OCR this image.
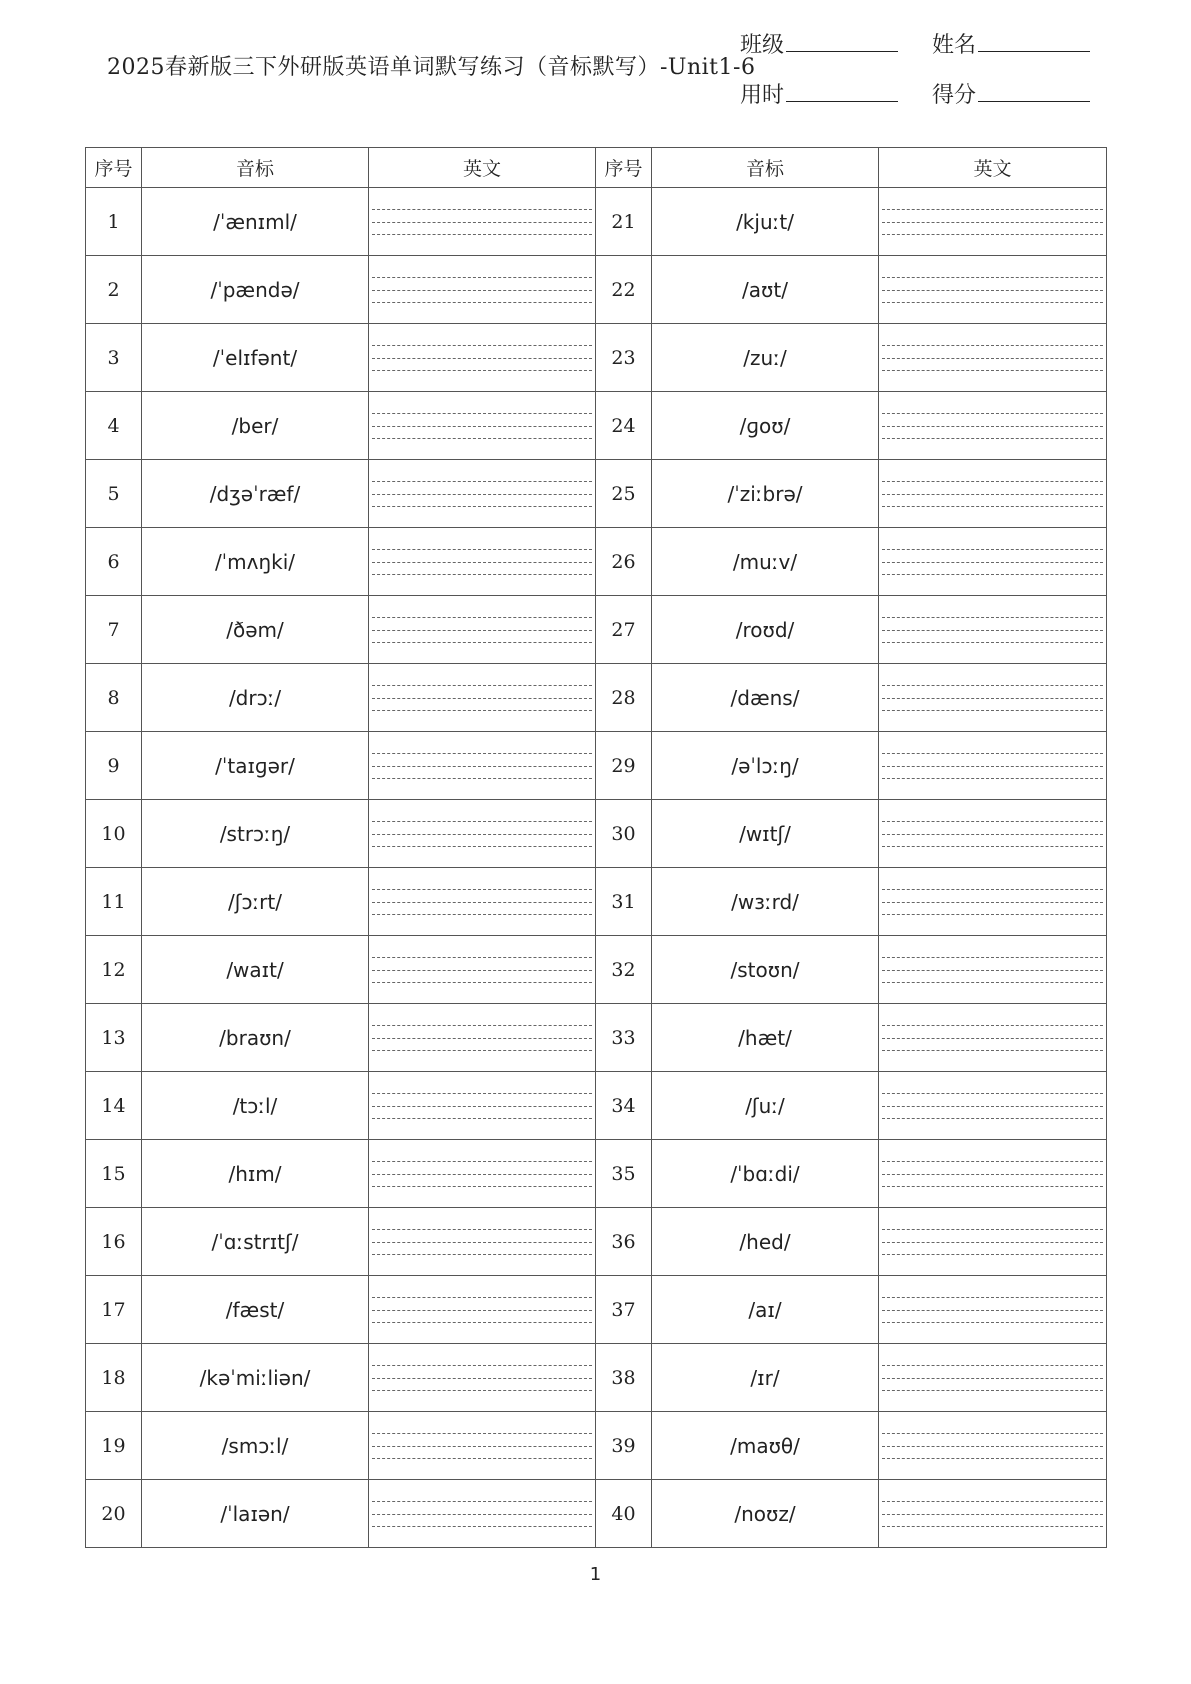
2025春新版三下外研版英语单词默写练习（音标默写）-Unit1-6
班级	姓名
用时	得分
序号	音标	英文	序号	音标	英文
1	/ˈænɪml/		21	/kjuːt/	

2	/ˈpændə/		22	/aʊt/	

3	/ˈelɪfənt/		23	/zuː/	

4	/ber/		24	/ɡoʊ/	

5	/dʒəˈræf/		25	/ˈziːbrə/	

6	/ˈmʌŋki/		26	/muːv/	

7	/ðəm/		27	/roʊd/	

8	/drɔː/		28	/dæns/	

9	/ˈtaɪɡər/		29	/əˈlɔːŋ/	

10	/strɔːŋ/		30	/wɪtʃ/	

11	/ʃɔːrt/		31	/wɜːrd/	

12	/waɪt/		32	/stoʊn/	

13	/braʊn/		33	/hæt/	

14	/tɔːl/		34	/ʃuː/	

15	/hɪm/		35	/ˈbɑːdi/	

16	/ˈɑːstrɪtʃ/		36	/hed/	

17	/fæst/		37	/aɪ/	

18	/kəˈmiːliən/		38	/ɪr/	

19	/smɔːl/		39	/maʊθ/	

20	/ˈlaɪən/		40	/noʊz/	
1
